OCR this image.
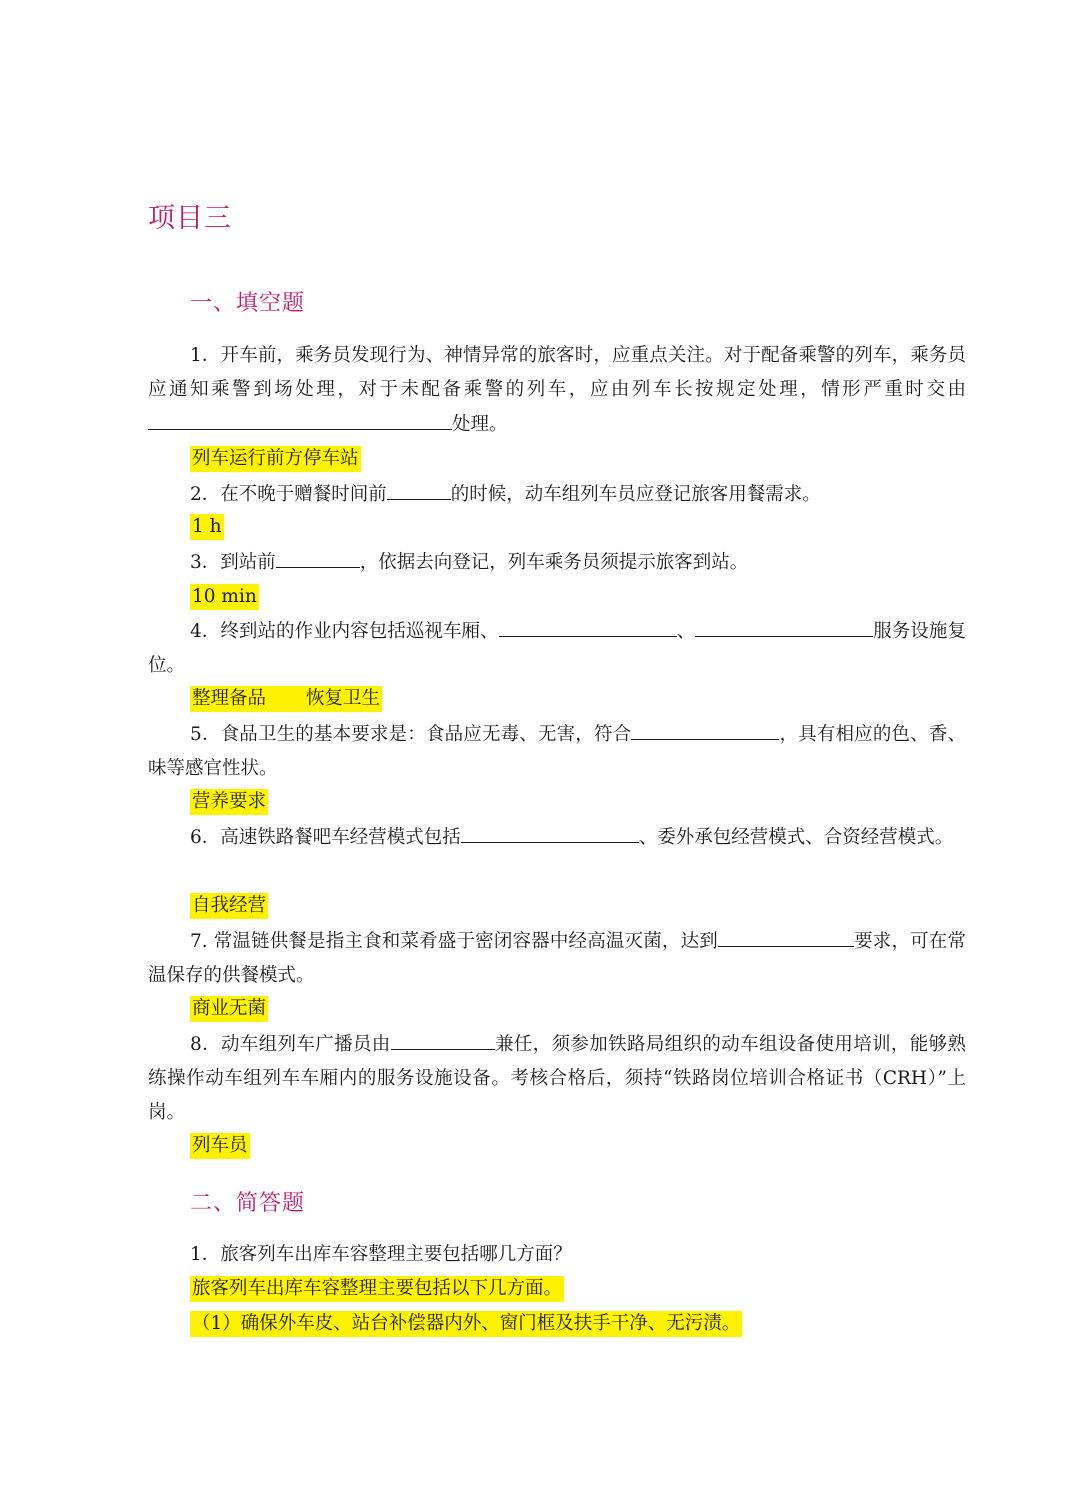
项目三
一、填空题

1．开车前，乘务员发现行为、神情异常的旅客时，应重点关注。对于配备乘警的列车，乘务员应通知乘警到场处理，对于未配备乘警的列车，应由列车长按规定处理，情形严重时交由处理。

列车运行前方停车站

2．在不晚于赠餐时间前	的时候，动车组列车员应登记旅客用餐需求。

1 h

3．到站前	，依据去向登记，列车乘务员须提示旅客到站。

10 min

4．终到站的作业内容包括巡视车厢、	、	服务设施复位。

整理备品 恢复卫生

5．食品卫生的基本要求是：食品应无毒、无害，符合	，具有相应的色、香、味等感官性状。

营养要求

6．高速铁路餐吧车经营模式包括	、委外承包经营模式、合资经营模式。

自我经营

7. 常温链供餐是指主食和菜肴盛于密闭容器中经高温灭菌，达到	要求，可在常温保存的供餐模式。

商业无菌

8．动车组列车广播员由	兼任，须参加铁路局组织的动车组设备使用培训，能够熟练操作动车组列车车厢内的服务设施设备。考核合格后，须持“铁路岗位培训合格证书（CRH）”上岗。

列车员
二、简答题

1．旅客列车出库车容整理主要包括哪几方面？

旅客列车出库车容整理主要包括以下几方面。
（1）确保外车皮、站台补偿器内外、窗门框及扶手干净、无污渍。
